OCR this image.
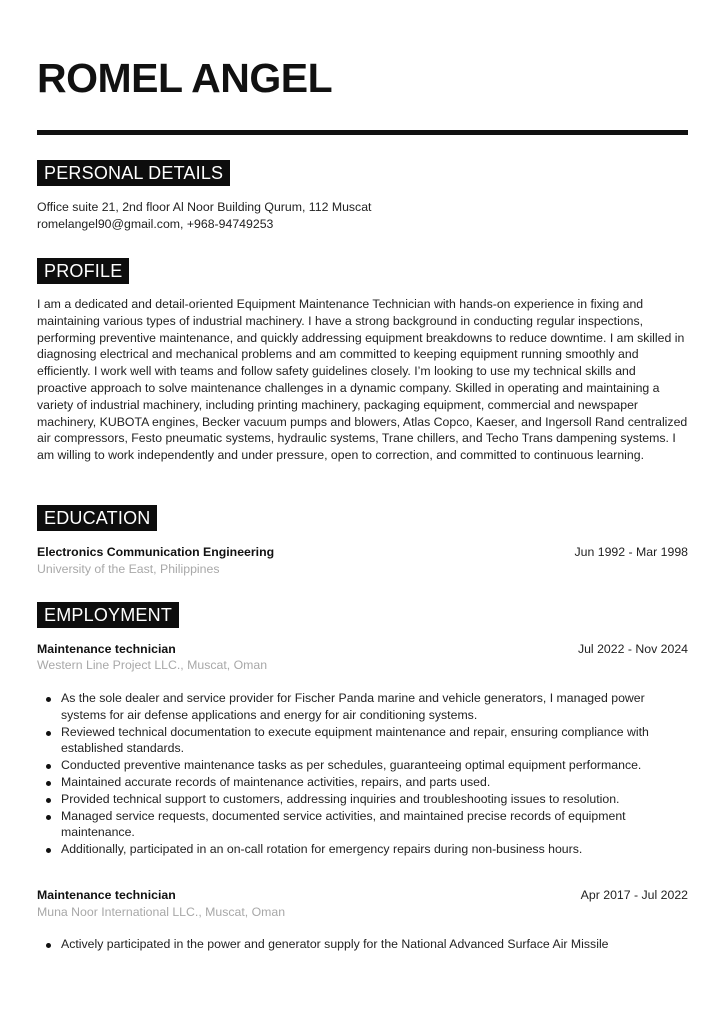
ROMEL ANGEL
PERSONAL DETAILS
Office suite 21, 2nd floor Al Noor Building Qurum, 112 Muscat
romelangel90@gmail.com, +968-94749253
PROFILE

I am a dedicated and detail-oriented Equipment Maintenance Technician with hands-on experience in fixing and maintaining various types of industrial machinery. I have a strong background in conducting regular inspections, performing preventive maintenance, and quickly addressing equipment breakdowns to reduce downtime. I am skilled in diagnosing electrical and mechanical problems and am committed to keeping equipment running smoothly and efficiently. I work well with teams and follow safety guidelines closely. I’m looking to use my technical skills and proactive approach to solve maintenance challenges in a dynamic company. Skilled in operating and maintaining a variety of industrial machinery, including printing machinery, packaging equipment, commercial and newspaper machinery, KUBOTA engines, Becker vacuum pumps and blowers, Atlas Copco, Kaeser, and Ingersoll Rand centralized air compressors, Festo pneumatic systems, hydraulic systems, Trane chillers, and Techo Trans dampening systems. I am willing to work independently and under pressure, open to correction, and committed to continuous learning.

EDUCATION
Electronics Communication Engineering	Jun 1992 - Mar 1998
University of the East, Philippines
EMPLOYMENT
Maintenance technician	Jul 2022 - Nov 2024
Western Line Project LLC., Muscat, Oman
As the sole dealer and service provider for Fischer Panda marine and vehicle generators, I managed power systems for air defense applications and energy for air conditioning systems.
Reviewed technical documentation to execute equipment maintenance and repair, ensuring compliance with established standards.
Conducted preventive maintenance tasks as per schedules, guaranteeing optimal equipment performance.
Maintained accurate records of maintenance activities, repairs, and parts used.
Provided technical support to customers, addressing inquiries and troubleshooting issues to resolution.
Managed service requests, documented service activities, and maintained precise records of equipment maintenance.
Additionally, participated in an on-call rotation for emergency repairs during non-business hours.
Maintenance technician	Apr 2017 - Jul 2022
Muna Noor International LLC., Muscat, Oman
Actively participated in the power and generator supply for the National Advanced Surface Air Missile
